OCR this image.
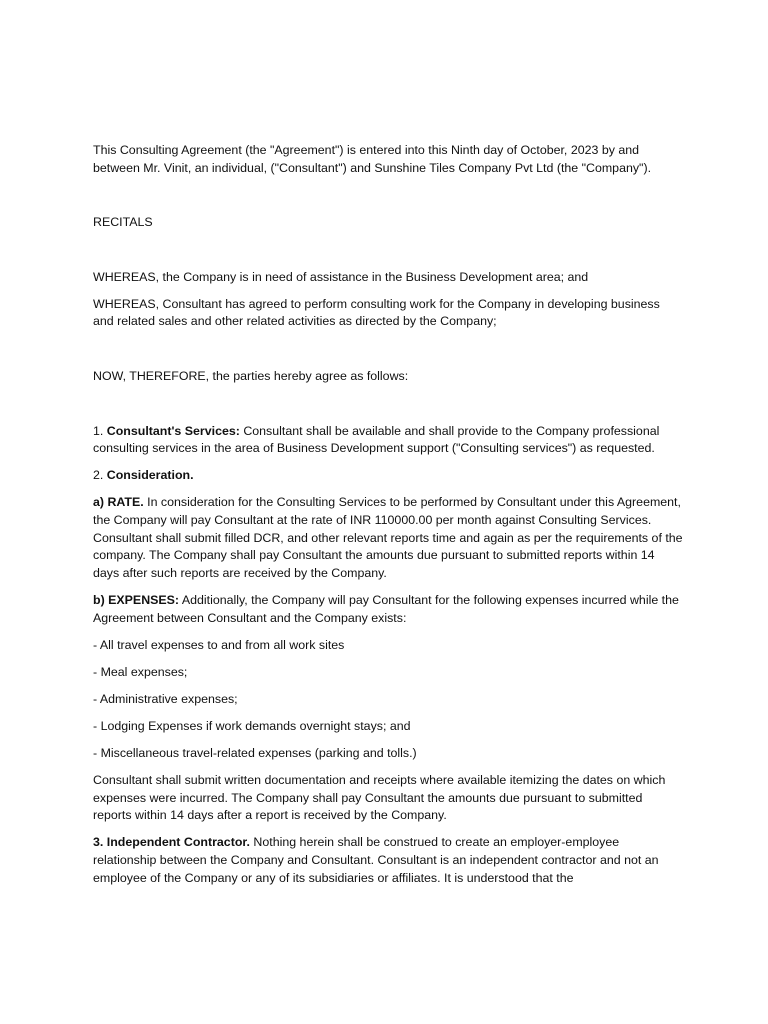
This Consulting Agreement (the "Agreement") is entered into this Ninth day of October, 2023 by and between Mr. Vinit, an individual, ("Consultant") and Sunshine Tiles Company Pvt Ltd (the "Company").

RECITALS

WHEREAS, the Company is in need of assistance in the Business Development area; and

WHEREAS, Consultant has agreed to perform consulting work for the Company in developing business and related sales and other related activities as directed by the Company;

NOW, THEREFORE, the parties hereby agree as follows:

1. Consultant's Services: Consultant shall be available and shall provide to the Company professional consulting services in the area of Business Development support ("Consulting services") as requested.

2. Consideration.

a) RATE. In consideration for the Consulting Services to be performed by Consultant under this Agreement, the Company will pay Consultant at the rate of INR 110000.00 per month against Consulting Services. Consultant shall submit filled DCR, and other relevant reports time and again as per the requirements of the company. The Company shall pay Consultant the amounts due pursuant to submitted reports within 14 days after such reports are received by the Company.

b) EXPENSES: Additionally, the Company will pay Consultant for the following expenses incurred while the Agreement between Consultant and the Company exists:

- All travel expenses to and from all work sites

- Meal expenses;

- Administrative expenses;

- Lodging Expenses if work demands overnight stays; and

- Miscellaneous travel-related expenses (parking and tolls.)

Consultant shall submit written documentation and receipts where available itemizing the dates on which expenses were incurred. The Company shall pay Consultant the amounts due pursuant to submitted reports within 14 days after a report is received by the Company.

3. Independent Contractor. Nothing herein shall be construed to create an employer-employee relationship between the Company and Consultant. Consultant is an independent contractor and not an employee of the Company or any of its subsidiaries or affiliates. It is understood that the
